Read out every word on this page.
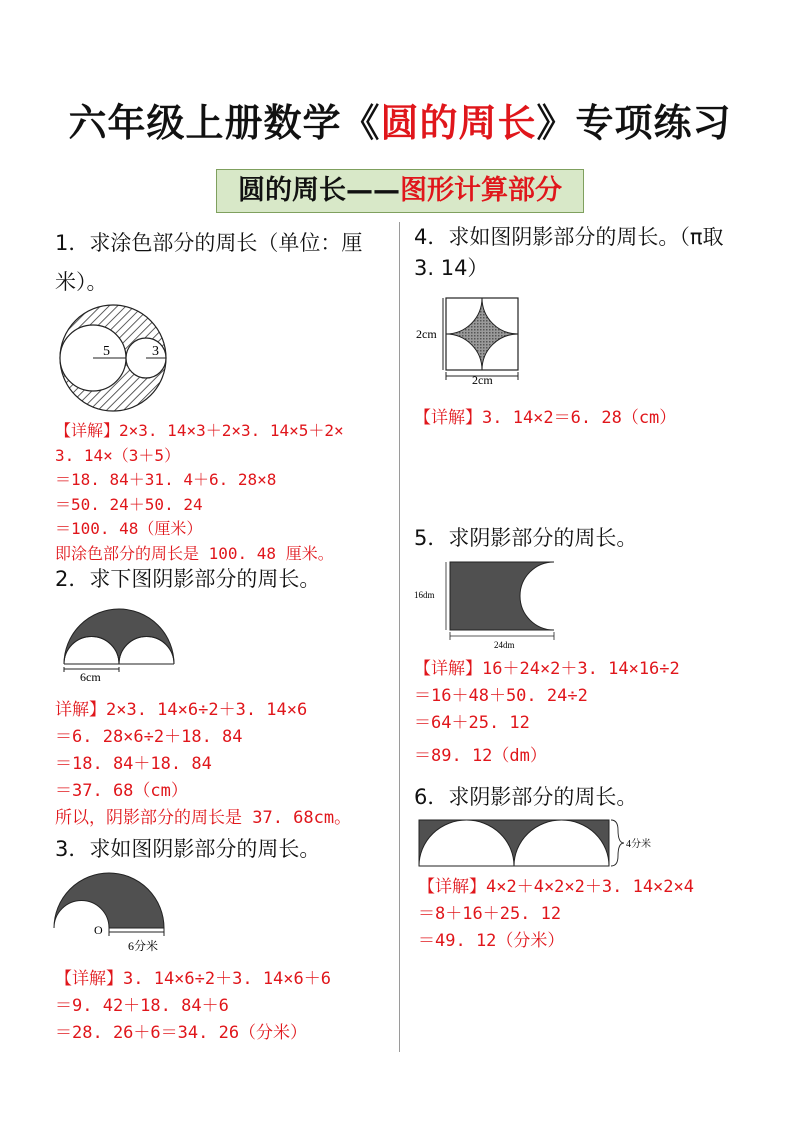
六年级上册数学《圆的周长》专项练习
圆的周长——图形计算部分
1．求涂色部分的周长（单位：厘
米）。
5	3
【详解】2×3. 14×3＋2×3. 14×5＋2×
3. 14×（3＋5）
＝18. 84＋31. 4＋6. 28×8
＝50. 24＋50. 24
＝100. 48（厘米）
即涂色部分的周长是 100. 48 厘米。
2．求下图阴影部分的周长。
6cm
详解】2×3. 14×6÷2＋3. 14×6
＝6. 28×6÷2＋18. 84
＝18. 84＋18. 84
＝37. 68（cm）
所以，阴影部分的周长是 37. 68cm。
3．求如图阴影部分的周长。
O
6分米
【详解】3. 14×6÷2＋3. 14×6＋6
＝9. 42＋18. 84＋6
＝28. 26＋6＝34. 26（分米）
4．求如图阴影部分的周长。（π取
3. 14）
2cm
2cm
【详解】3. 14×2＝6. 28（cm）
5．求阴影部分的周长。
16dm
24dm
【详解】16＋24×2＋3. 14×16÷2
＝16＋48＋50. 24÷2
＝64＋25. 12
＝89. 12（dm）
6．求阴影部分的周长。
4分米
【详解】4×2＋4×2×2＋3. 14×2×4
＝8＋16＋25. 12
＝49. 12（分米）
